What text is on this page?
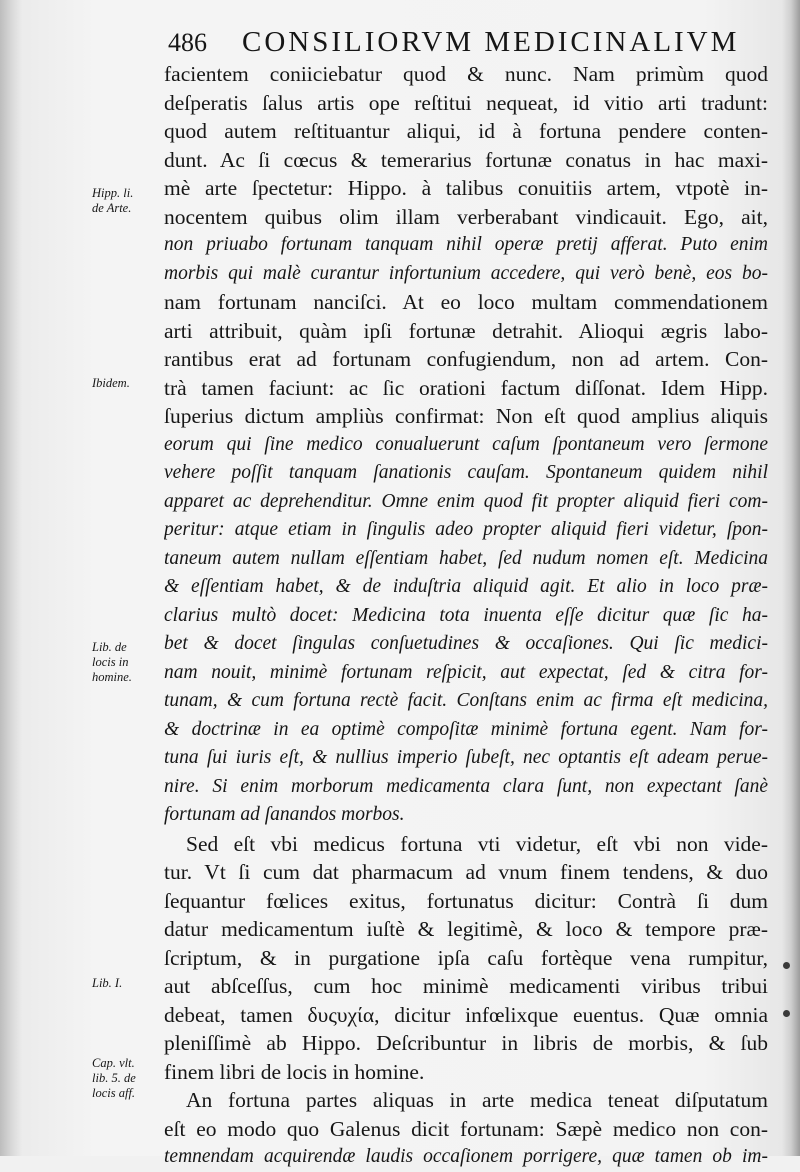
486 CONSILIORVM MEDICINALIVM
Hipp. li.
de Arte.
Ibidem.
Lib. de
locis in
homine.
Lib. I.
Cap. vlt.
lib. 5. de
locis aff.
facientem coniiciebatur quod & nunc. Nam primùm quod
deſperatis ſalus artis ope reſtitui nequeat, id vitio arti tradunt:
quod autem reſtituantur aliqui, id à fortuna pendere conten-
dunt. Ac ſi cœcus & temerarius fortunæ conatus in hac maxi-
mè arte ſpectetur: Hippo. à talibus conuitiis artem, vtpotè in-
nocentem quibus olim illam verberabant vindicauit. Ego, ait,
non priuabo fortunam tanquam nihil operæ pretij afferat. Puto enim
morbis qui malè curantur infortunium accedere, qui verò benè, eos bo-
nam fortunam nanciſci. At eo loco multam commendationem
arti attribuit, quàm ipſi fortunæ detrahit. Alioqui ægris labo-
rantibus erat ad fortunam confugiendum, non ad artem. Con-
trà tamen faciunt: ac ſic orationi factum diſſonat. Idem Hipp.
ſuperius dictum ampliùs confirmat: Non eſt quod amplius aliquis
eorum qui ſine medico conualuerunt caſum ſpontaneum vero ſermone
vehere poſſit tanquam ſanationis cauſam. Spontaneum quidem nihil
apparet ac deprehenditur. Omne enim quod fit propter aliquid fieri com-
peritur: atque etiam in ſingulis adeo propter aliquid fieri videtur, ſpon-
taneum autem nullam eſſentiam habet, ſed nudum nomen eſt. Medicina
& eſſentiam habet, & de induſtria aliquid agit. Et alio in loco præ-
clarius multò docet: Medicina tota inuenta eſſe dicitur quæ ſic ha-
bet & docet ſingulas conſuetudines & occaſiones. Qui ſic medici-
nam nouit, minimè fortunam reſpicit, aut expectat, ſed & citra for-
tunam, & cum fortuna rectè facit. Conſtans enim ac firma eſt medicina,
& doctrinæ in ea optimè compoſitæ minimè fortuna egent. Nam for-
tuna ſui iuris eſt, & nullius imperio ſubeſt, nec optantis eſt adeam perue-
nire. Si enim morborum medicamenta clara ſunt, non expectant ſanè
fortunam ad ſanandos morbos.
Sed eſt vbi medicus fortuna vti videtur, eſt vbi non vide-
tur. Vt ſi cum dat pharmacum ad vnum finem tendens, & duo
ſequantur fœlices exitus, fortunatus dicitur: Contrà ſi dum
datur medicamentum iuſtè & legitimè, & loco & tempore præ-
ſcriptum, & in purgatione ipſa caſu fortèque vena rumpitur,
aut abſceſſus, cum hoc minimè medicamenti viribus tribui
debeat, tamen δυςυχία, dicitur infœlixque euentus. Quæ omnia
pleniſſimè ab Hippo. Deſcribuntur in libris de morbis, & ſub
finem libri de locis in homine.
An fortuna partes aliquas in arte medica teneat diſputatum
eſt eo modo quo Galenus dicit fortunam: Sæpè medico non con-
temnendam acquirendæ laudis occaſionem porrigere, quæ tamen ob im-
